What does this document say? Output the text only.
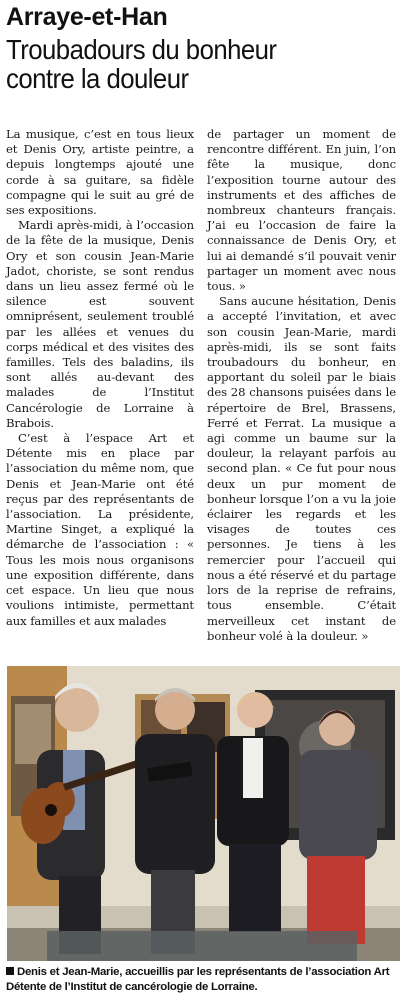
Arraye-et-Han
Troubadours du bonheur
contre la douleur

La musique, c’est en tous lieux et Denis Ory, artiste peintre, a depuis longtemps ajouté une corde à sa guitare, sa fidèle compagne qui le suit au gré de ses expositions.

Mardi après-midi, à l’occasion de la fête de la musique, Denis Ory et son cousin Jean-Marie Jadot, choriste, se sont rendus dans un lieu assez fermé où le silence est souvent omniprésent, seulement troublé par les allées et venues du corps médical et des visites des familles. Tels des baladins, ils sont allés au-devant des malades de l’Institut Cancérologie de Lorraine à Brabois.

C’est à l’espace Art et Détente mis en place par l’association du même nom, que Denis et Jean-Marie ont été reçus par des représentants de l’association. La présidente, Martine Singet, a expliqué la démarche de l’association : « Tous les mois nous organisons une exposition différente, dans cet espace. Un lieu que nous voulions intimiste, permettant aux familles et aux malades

de partager un moment de rencontre différent. En juin, l’on fête la musique, donc l’exposition tourne autour des instruments et des affiches de nombreux chanteurs français. J’ai eu l’occasion de faire la connaissance de Denis Ory, et lui ai demandé s’il pouvait venir partager un moment avec nous tous. »

Sans aucune hésitation, Denis a accepté l’invitation, et avec son cousin Jean-Marie, mardi après-midi, ils se sont faits troubadours du bonheur, en apportant du soleil par le biais des 28 chansons puisées dans le répertoire de Brel, Brassens, Ferré et Ferrat. La musique a agi comme un baume sur la douleur, la relayant parfois au second plan. « Ce fut pour nous deux un pur moment de bonheur lorsque l’on a vu la joie éclairer les regards et les visages de toutes ces personnes. Je tiens à les remercier pour l’accueil qui nous a été réservé et du partage lors de la reprise de refrains, tous ensemble. C’était merveilleux cet instant de bonheur volé à la douleur. »

Denis et Jean-Marie, accueillis par les représentants de l’association Art Détente de l’Institut de cancérologie de Lorraine.
